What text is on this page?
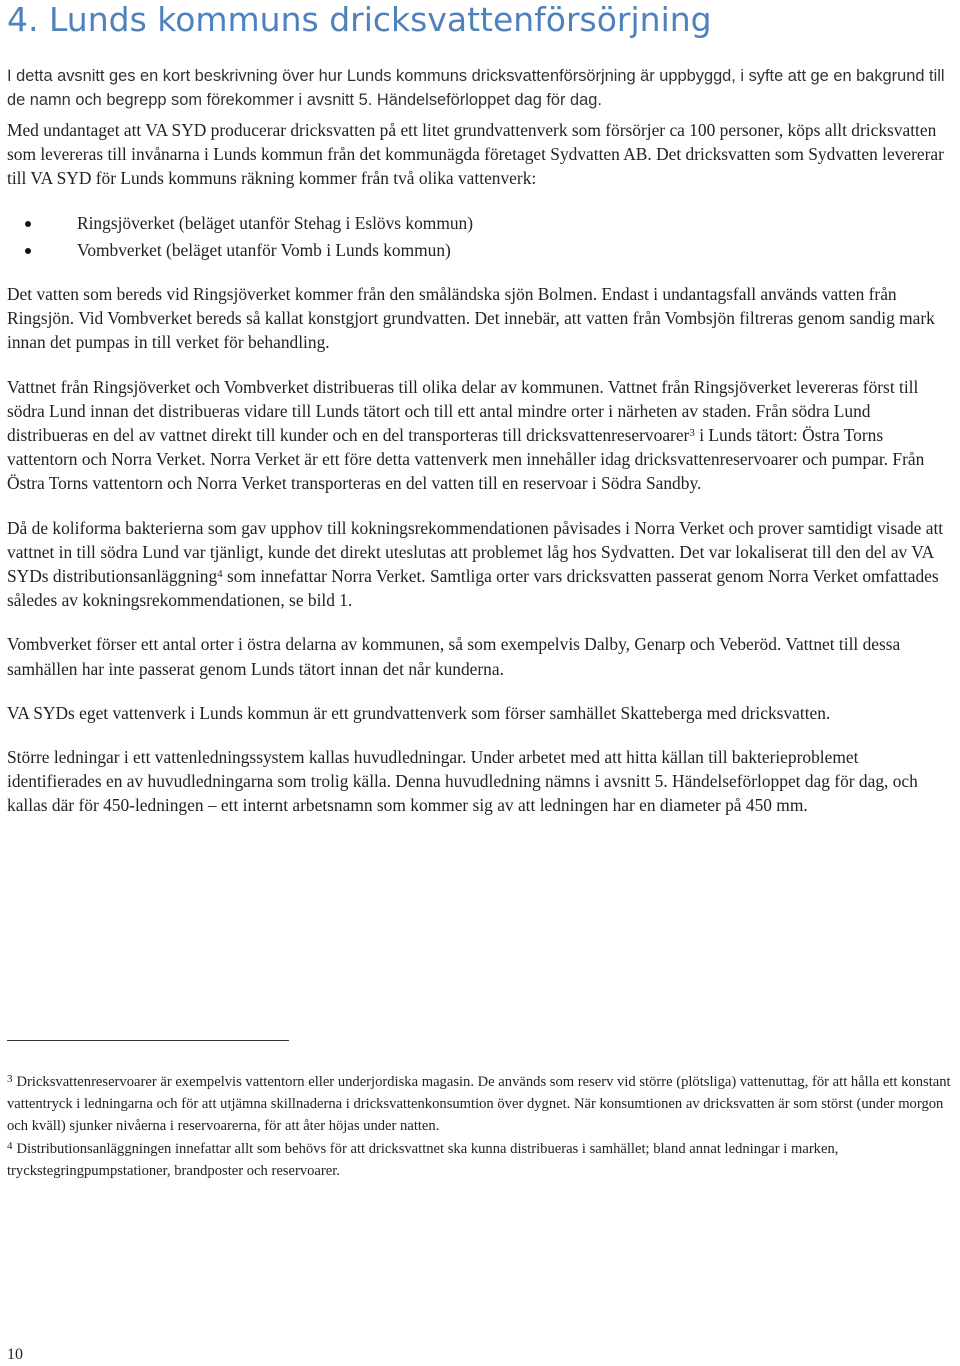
4. Lunds kommuns dricksvattenförsörjning

I detta avsnitt ges en kort beskrivning över hur Lunds kommuns dricksvattenförsörjning är uppbyggd, i syfte att ge en bakgrund till de namn och begrepp som förekommer i avsnitt 5. Händelseförloppet dag för dag.

Med undantaget att VA SYD producerar dricksvatten på ett litet grundvattenverk som försörjer ca 100 personer, köps allt dricksvatten som levereras till invånarna i Lunds kommun från det kommunägda företaget Sydvatten AB. Det dricksvatten som Sydvatten levererar till VA SYD för Lunds kommuns räkning kommer från två olika vattenverk:

Ringsjöverket (beläget utanför Stehag i Eslövs kommun)
Vombverket (beläget utanför Vomb i Lunds kommun)

Det vatten som bereds vid Ringsjöverket kommer från den småländska sjön Bolmen. Endast i undantagsfall används vatten från Ringsjön. Vid Vombverket bereds så kallat konstgjort grundvatten. Det innebär, att vatten från Vombsjön filtreras genom sandig mark innan det pumpas in till verket för behandling.

Vattnet från Ringsjöverket och Vombverket distribueras till olika delar av kommunen. Vattnet från Ringsjöverket levereras först till södra Lund innan det distribueras vidare till Lunds tätort och till ett antal mindre orter i närheten av staden. Från södra Lund distribueras en del av vattnet direkt till kunder och en del transporteras till dricksvattenreservoarer$^3$ i Lunds tätort: Östra Torns vattentorn och Norra Verket. Norra Verket är ett före detta vattenverk men innehåller idag dricksvattenreservoarer och pumpar. Från Östra Torns vattentorn och Norra Verket transporteras en del vatten till en reservoar i Södra Sandby.

Då de koliforma bakterierna som gav upphov till kokningsrekommendationen påvisades i Norra Verket och prover samtidigt visade att vattnet in till södra Lund var tjänligt, kunde det direkt uteslutas att problemet låg hos Sydvatten. Det var lokaliserat till den del av VA SYDs distributionsanläggning$^4$ som innefattar Norra Verket. Samtliga orter vars dricksvatten passerat genom Norra Verket omfattades således av kokningsrekommendationen, se bild 1.

Vombverket förser ett antal orter i östra delarna av kommunen, så som exempelvis Dalby, Genarp och Veberöd. Vattnet till dessa samhällen har inte passerat genom Lunds tätort innan det når kunderna.

VA SYDs eget vattenverk i Lunds kommun är ett grundvattenverk som förser samhället Skatteberga med dricksvatten.

Större ledningar i ett vattenledningssystem kallas huvudledningar. Under arbetet med att hitta källan till bakterieproblemet identifierades en av huvudledningarna som trolig källa. Denna huvudledning nämns i avsnitt 5. Händelseförloppet dag för dag, och kallas där för 450-ledningen – ett internt arbetsnamn som kommer sig av att ledningen har en diameter på 450 mm.

$^3$ Dricksvattenreservoarer är exempelvis vattentorn eller underjordiska magasin. De används som reserv vid större (plötsliga) vattenuttag, för att hålla ett konstant vattentryck i ledningarna och för att utjämna skillnaderna i dricksvattenkonsumtion över dygnet. När konsumtionen av dricksvatten är som störst (under morgon och kväll) sjunker nivåerna i reservoarerna, för att åter höjas under natten.

$^4$ Distributionsanläggningen innefattar allt som behövs för att dricksvattnet ska kunna distribueras i samhället; bland annat ledningar i marken, tryckstegringpumpstationer, brandposter och reservoarer.

10
